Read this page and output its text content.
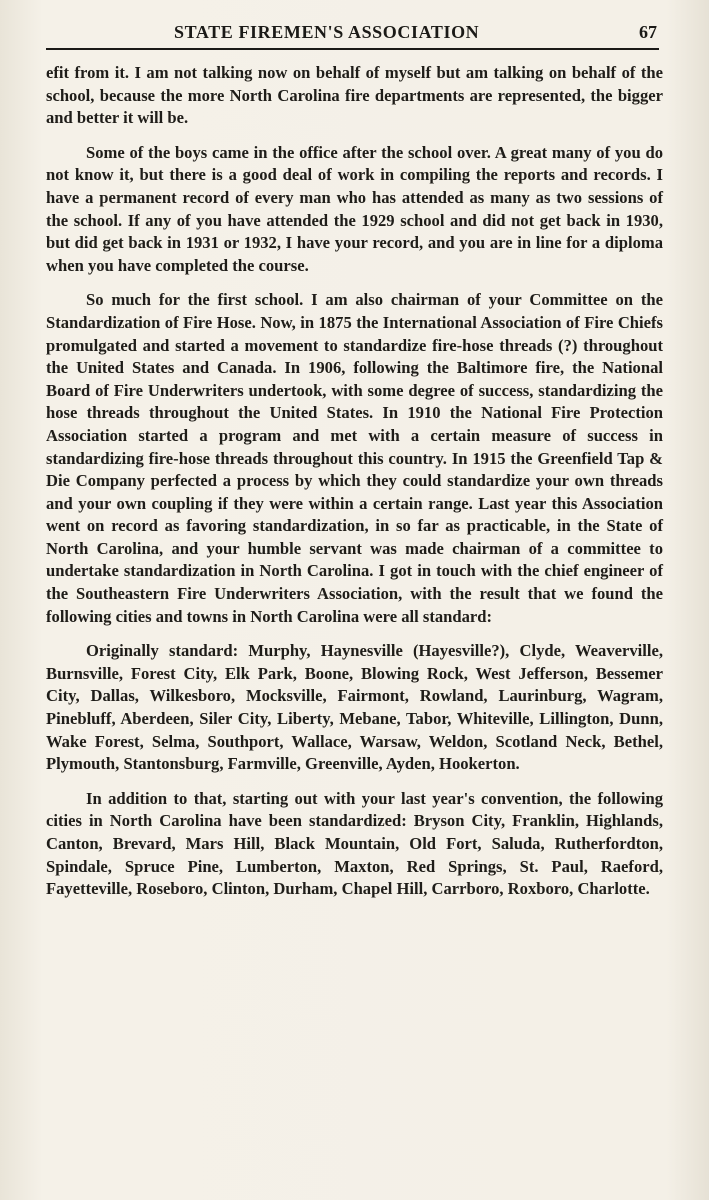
STATE FIREMEN'S ASSOCIATION	67

efit from it. I am not talking now on behalf of myself but am talking on behalf of the school, because the more North Carolina fire departments are represented, the bigger and better it will be.

Some of the boys came in the office after the school over. A great many of you do not know it, but there is a good deal of work in compiling the reports and records. I have a permanent record of every man who has attended as many as two sessions of the school. If any of you have attended the 1929 school and did not get back in 1930, but did get back in 1931 or 1932, I have your record, and you are in line for a diploma when you have completed the course.

So much for the first school. I am also chairman of your Committee on the Standardization of Fire Hose. Now, in 1875 the International Association of Fire Chiefs promulgated and started a movement to standardize fire-hose threads (?) throughout the United States and Canada. In 1906, following the Baltimore fire, the National Board of Fire Underwriters undertook, with some degree of success, standardizing the hose threads throughout the United States. In 1910 the National Fire Protection Association started a program and met with a certain measure of success in standardizing fire-hose threads throughout this country. In 1915 the Greenfield Tap & Die Company perfected a process by which they could standardize your own threads and your own coupling if they were within a certain range. Last year this Association went on record as favoring standardization, in so far as practicable, in the State of North Carolina, and your humble servant was made chairman of a committee to undertake standardization in North Carolina. I got in touch with the chief engineer of the Southeastern Fire Underwriters Association, with the result that we found the following cities and towns in North Carolina were all standard:

Originally standard: Murphy, Haynesville (Hayesville?), Clyde, Weaverville, Burnsville, Forest City, Elk Park, Boone, Blowing Rock, West Jefferson, Bessemer City, Dallas, Wilkesboro, Mocksville, Fairmont, Rowland, Laurinburg, Wagram, Pinebluff, Aberdeen, Siler City, Liberty, Mebane, Tabor, Whiteville, Lillington, Dunn, Wake Forest, Selma, Southport, Wallace, Warsaw, Weldon, Scotland Neck, Bethel, Plymouth, Stantonsburg, Farmville, Greenville, Ayden, Hookerton.

In addition to that, starting out with your last year's convention, the following cities in North Carolina have been standardized: Bryson City, Franklin, Highlands, Canton, Brevard, Mars Hill, Black Mountain, Old Fort, Saluda, Rutherfordton, Spindale, Spruce Pine, Lumberton, Maxton, Red Springs, St. Paul, Raeford, Fayetteville, Roseboro, Clinton, Durham, Chapel Hill, Carrboro, Roxboro, Charlotte.
